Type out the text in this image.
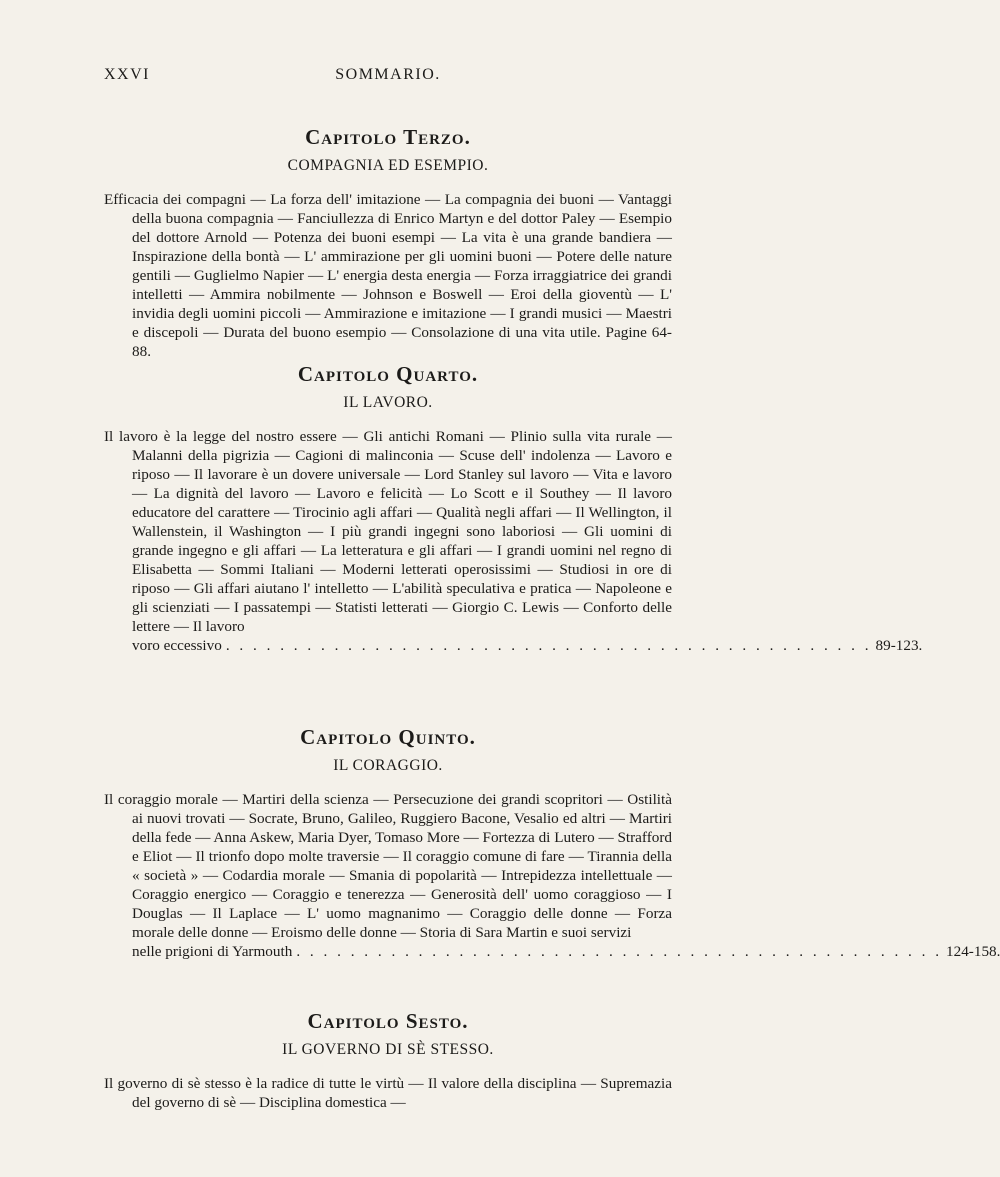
XXVI	SOMMARIO.
Capitolo Terzo.
COMPAGNIA ED ESEMPIO.

Efficacia dei compagni — La forza dell' imitazione — La compagnia dei buoni — Vantaggi della buona compagnia — Fanciullezza di Enrico Martyn e del dottor Paley — Esempio del dottore Arnold — Potenza dei buoni esempi — La vita è una grande bandiera — Inspirazione della bontà — L' ammirazione per gli uomini buoni — Potere delle nature gentili — Guglielmo Napier — L' energia desta energia — Forza irraggiatrice dei grandi intelletti — Ammira nobilmente — Johnson e Boswell — Eroi della gioventù — L' invidia degli uomini piccoli — Ammirazione e imitazione — I grandi musici — Maestri e discepoli — Durata del buono esempio — Consolazione di una vita utile. Pagine 64-88.

Capitolo Quarto.
IL LAVORO.

Il lavoro è la legge del nostro essere — Gli antichi Romani — Plinio sulla vita rurale — Malanni della pigrizia — Cagioni di malinconia — Scuse dell' indolenza — Lavoro e riposo — Il lavorare è un dovere universale — Lord Stanley sul lavoro — Vita e lavoro — La dignità del lavoro — Lavoro e felicità — Lo Scott e il Southey — Il lavoro educatore del carattere — Tirocinio agli affari — Qualità negli affari — Il Wellington, il Wallenstein, il Washington — I più grandi ingegni sono laboriosi — Gli uomini di grande ingegno e gli affari — La letteratura e gli affari — I grandi uomini nel regno di Elisabetta — Sommi Italiani — Moderni letterati operosissimi — Studiosi in ore di riposo — Gli affari aiutano l' intelletto — L'abilità speculativa e pratica — Napoleone e gli scienziati — I passatempi — Statisti letterati — Giorgio C. Lewis — Conforto delle lettere — Il lavoro

voro eccessivo . . . . . . . . . . . . . . . . . . . . . . . . . . . . . . . . . . . . . . . . . . . . . . . . 89-123.
Capitolo Quinto.
IL CORAGGIO.

Il coraggio morale — Martiri della scienza — Persecuzione dei grandi scopritori — Ostilità ai nuovi trovati — Socrate, Bruno, Galileo, Ruggiero Bacone, Vesalio ed altri — Martiri della fede — Anna Askew, Maria Dyer, Tomaso More — Fortezza di Lutero — Strafford e Eliot — Il trionfo dopo molte traversie — Il coraggio comune di fare — Tirannia della « società » — Codardia morale — Smania di popolarità — Intrepidezza intellettuale — Coraggio energico — Coraggio e tenerezza — Generosità dell' uomo coraggioso — I Douglas — Il Laplace — L' uomo magnanimo — Coraggio delle donne — Forza morale delle donne — Eroismo delle donne — Storia di Sara Martin e suoi servizi

nelle prigioni di Yarmouth . . . . . . . . . . . . . . . . . . . . . . . . . . . . . . . . . . . . . . . . . . . . . . . . 124-158.
Capitolo Sesto.
IL GOVERNO DI SÈ STESSO.

Il governo di sè stesso è la radice di tutte le virtù — Il valore della disciplina — Supremazia del governo di sè — Disciplina domestica —
